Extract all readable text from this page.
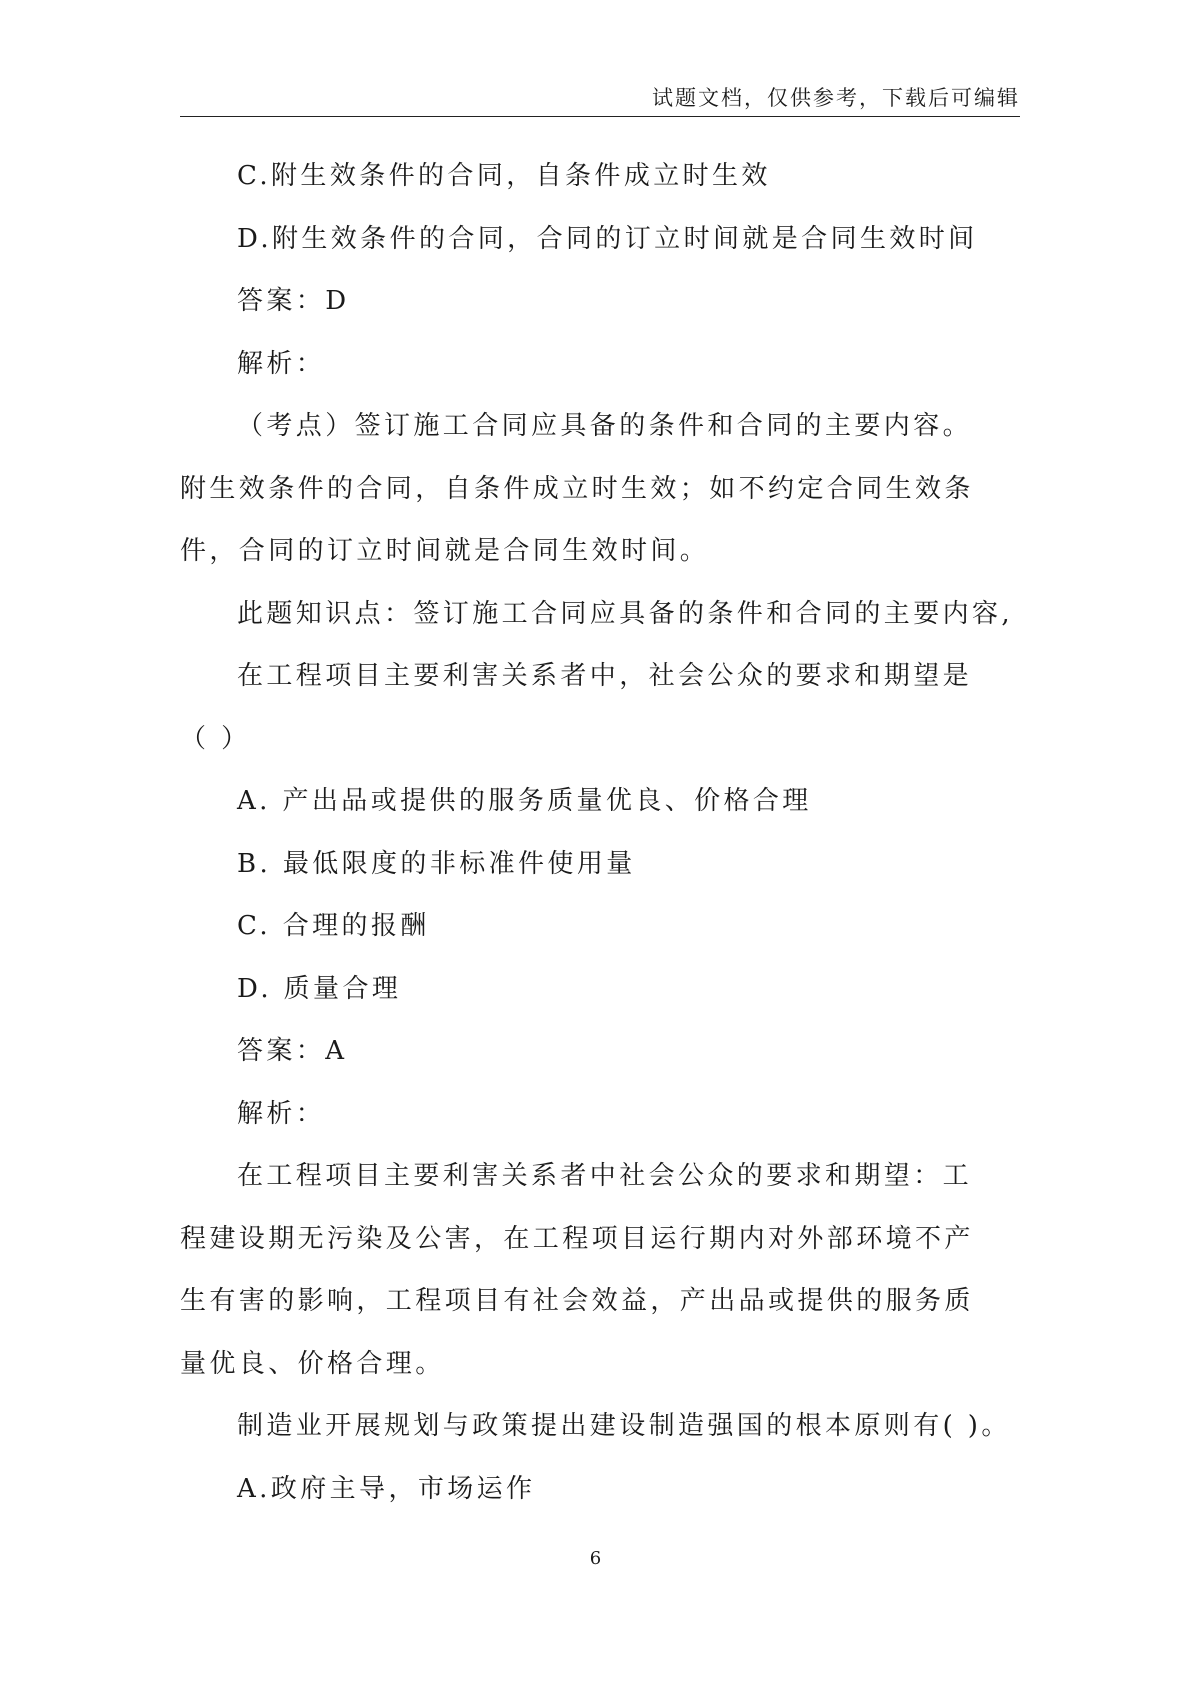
试题文档，仅供参考，下载后可编辑

C.附生效条件的合同，自条件成立时生效

D.附生效条件的合同，合同的订立时间就是合同生效时间

答案：D

解析：

（考点）签订施工合同应具备的条件和合同的主要内容。附生效条件的合同，自条件成立时生效；如不约定合同生效条件，合同的订立时间就是合同生效时间。

此题知识点：签订施工合同应具备的条件和合同的主要内容,

在工程项目主要利害关系者中，社会公众的要求和期望是

（ ）

A. 产出品或提供的服务质量优良、价格合理

B. 最低限度的非标准件使用量

C. 合理的报酬

D. 质量合理

答案：A

解析：

在工程项目主要利害关系者中社会公众的要求和期望：工程建设期无污染及公害，在工程项目运行期内对外部环境不产生有害的影响，工程项目有社会效益，产出品或提供的服务质量优良、价格合理。

制造业开展规划与政策提出建设制造强国的根本原则有( )。

A.政府主导，市场运作

6
